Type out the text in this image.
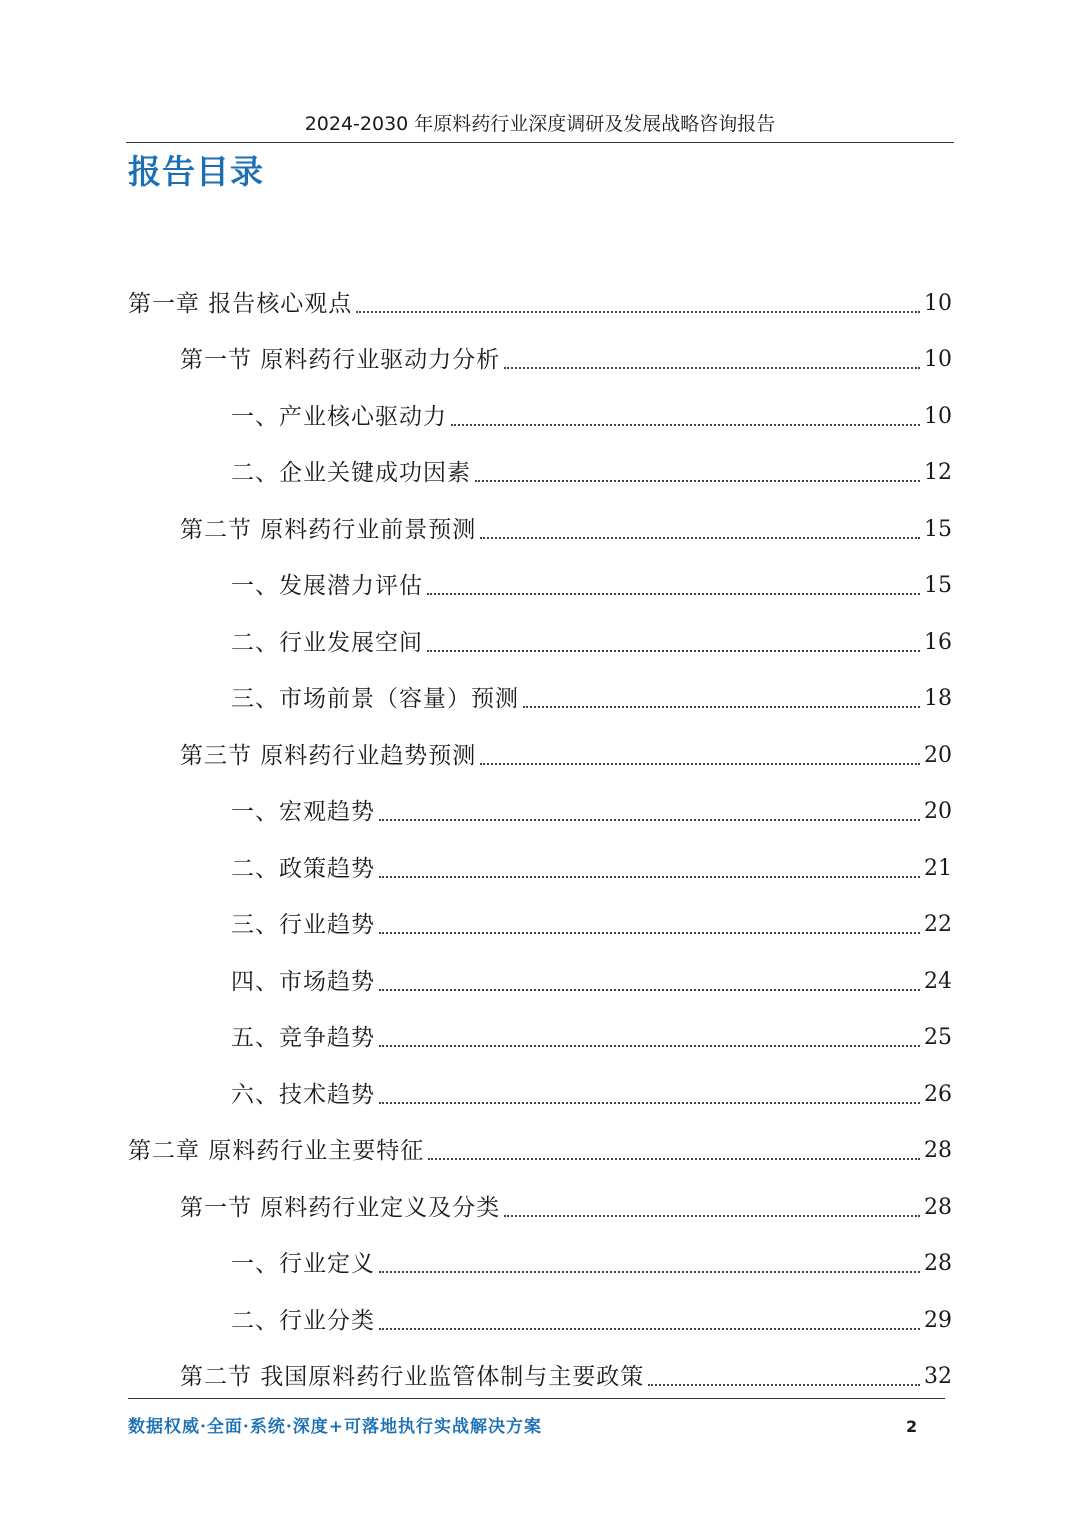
2024-2030 年原料药行业深度调研及发展战略咨询报告
报告目录
第一章 报告核心观点	10
第一节 原料药行业驱动力分析	10
一、产业核心驱动力	10
二、企业关键成功因素	12
第二节 原料药行业前景预测	15
一、发展潜力评估	15
二、行业发展空间	16
三、市场前景（容量）预测	18
第三节 原料药行业趋势预测	20
一、宏观趋势	20
二、政策趋势	21
三、行业趋势	22
四、市场趋势	24
五、竞争趋势	25
六、技术趋势	26
第二章 原料药行业主要特征	28
第一节 原料药行业定义及分类	28
一、行业定义	28
二、行业分类	29
第二节 我国原料药行业监管体制与主要政策	32
数据权威·全面·系统·深度+可落地执行实战解决方案	2
